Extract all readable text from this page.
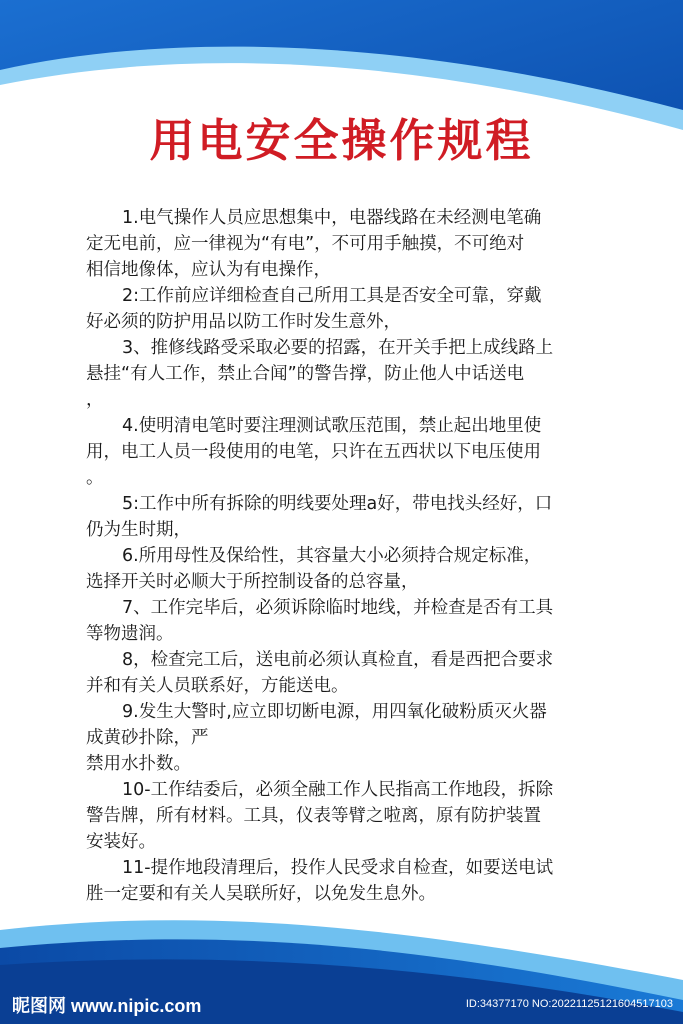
用电安全操作规程
1.电气操作人员应思想集中，电器线路在未经测电笔确
定无电前，应一律视为“有电”，不可用手触摸，不可绝对
相信地像体，应认为有电操作，
2:工作前应详细检查自己所用工具是否安全可靠，穿戴
好必须的防护用品以防工作时发生意外，
3、推修线路受采取必要的招露，在开关手把上成线路上
悬挂“有人工作，禁止合闻”的警告撑，防止他人中话送电
，
4.使明清电笔时要注理测试歌压范围，禁止起出地里使
用，电工人员一段使用的电笔，只许在五西状以下电压使用
。
5:工作中所有拆除的明线要处理a好，带电找头经好，口
仍为生时期，
6.所用母性及保给性，其容量大小必须持合规定标准，
选择开关时必顺大于所控制设备的总容量，
7、工作完毕后，必须诉除临时地线，并检查是否有工具
等物遗润。
8，检查完工后，送电前必须认真检直，看是西把合要求
并和有关人员联系好，方能送电。
9.发生大警时,应立即切断电源，用四氧化破粉质灭火器
成黄砂扑除，严
禁用水扑数。
10-工作结委后，必须全融工作人民指高工作地段，拆除
警告牌，所有材料。工具，仪表等臂之啦离，原有防护装置
安装好。
11-提作地段清理后，投作人民受求自检查，如要送电试
胜一定要和有关人吴联所好，以免发生息外。
昵图网 www.nipic.com	ID:34377170 NO:20221125121604517103
